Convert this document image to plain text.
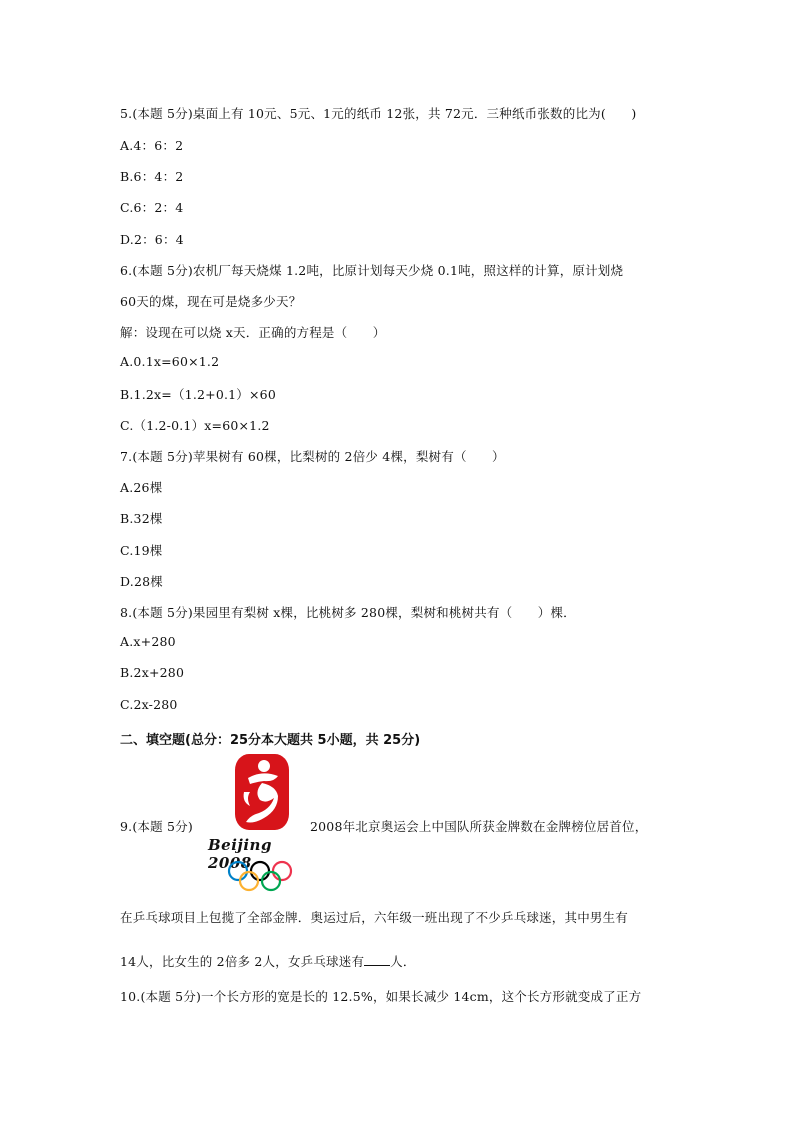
5.(本题 5分)桌面上有 10元、5元、1元的纸币 12张，共 72元．三种纸币张数的比为(　　)
A.4：6：2
B.6：4：2
C.6：2：4
D.2：6：4
6.(本题 5分)农机厂每天烧煤 1.2吨，比原计划每天少烧 0.1吨，照这样的计算，原计划烧
60天的煤，现在可是烧多少天？
解：设现在可以烧 x天．正确的方程是（　　）
A.0.1x=60×1.2
B.1.2x=（1.2+0.1）×60
C.（1.2-0.1）x=60×1.2
7.(本题 5分)苹果树有 60棵，比梨树的 2倍少 4棵，梨树有（　　）
A.26棵
B.32棵
C.19棵
D.28棵
8.(本题 5分)果园里有梨树 x棵，比桃树多 280棵，梨树和桃树共有（　　）棵．
A.x+280
B.2x+280
C.2x-280
二、填空题(总分：25分本大题共 5小题，共 25分)
9.(本题 5分)
Beijing 2008
2008年北京奥运会上中国队所获金牌数在金牌榜位居首位，
在乒乓球项目上包揽了全部金牌．奥运过后，六年级一班出现了不少乒乓球迷，其中男生有
14人，比女生的 2倍多 2人，女乒乓球迷有 人．
10.(本题 5分)一个长方形的宽是长的 12.5%，如果长减少 14cm，这个长方形就变成了正方
